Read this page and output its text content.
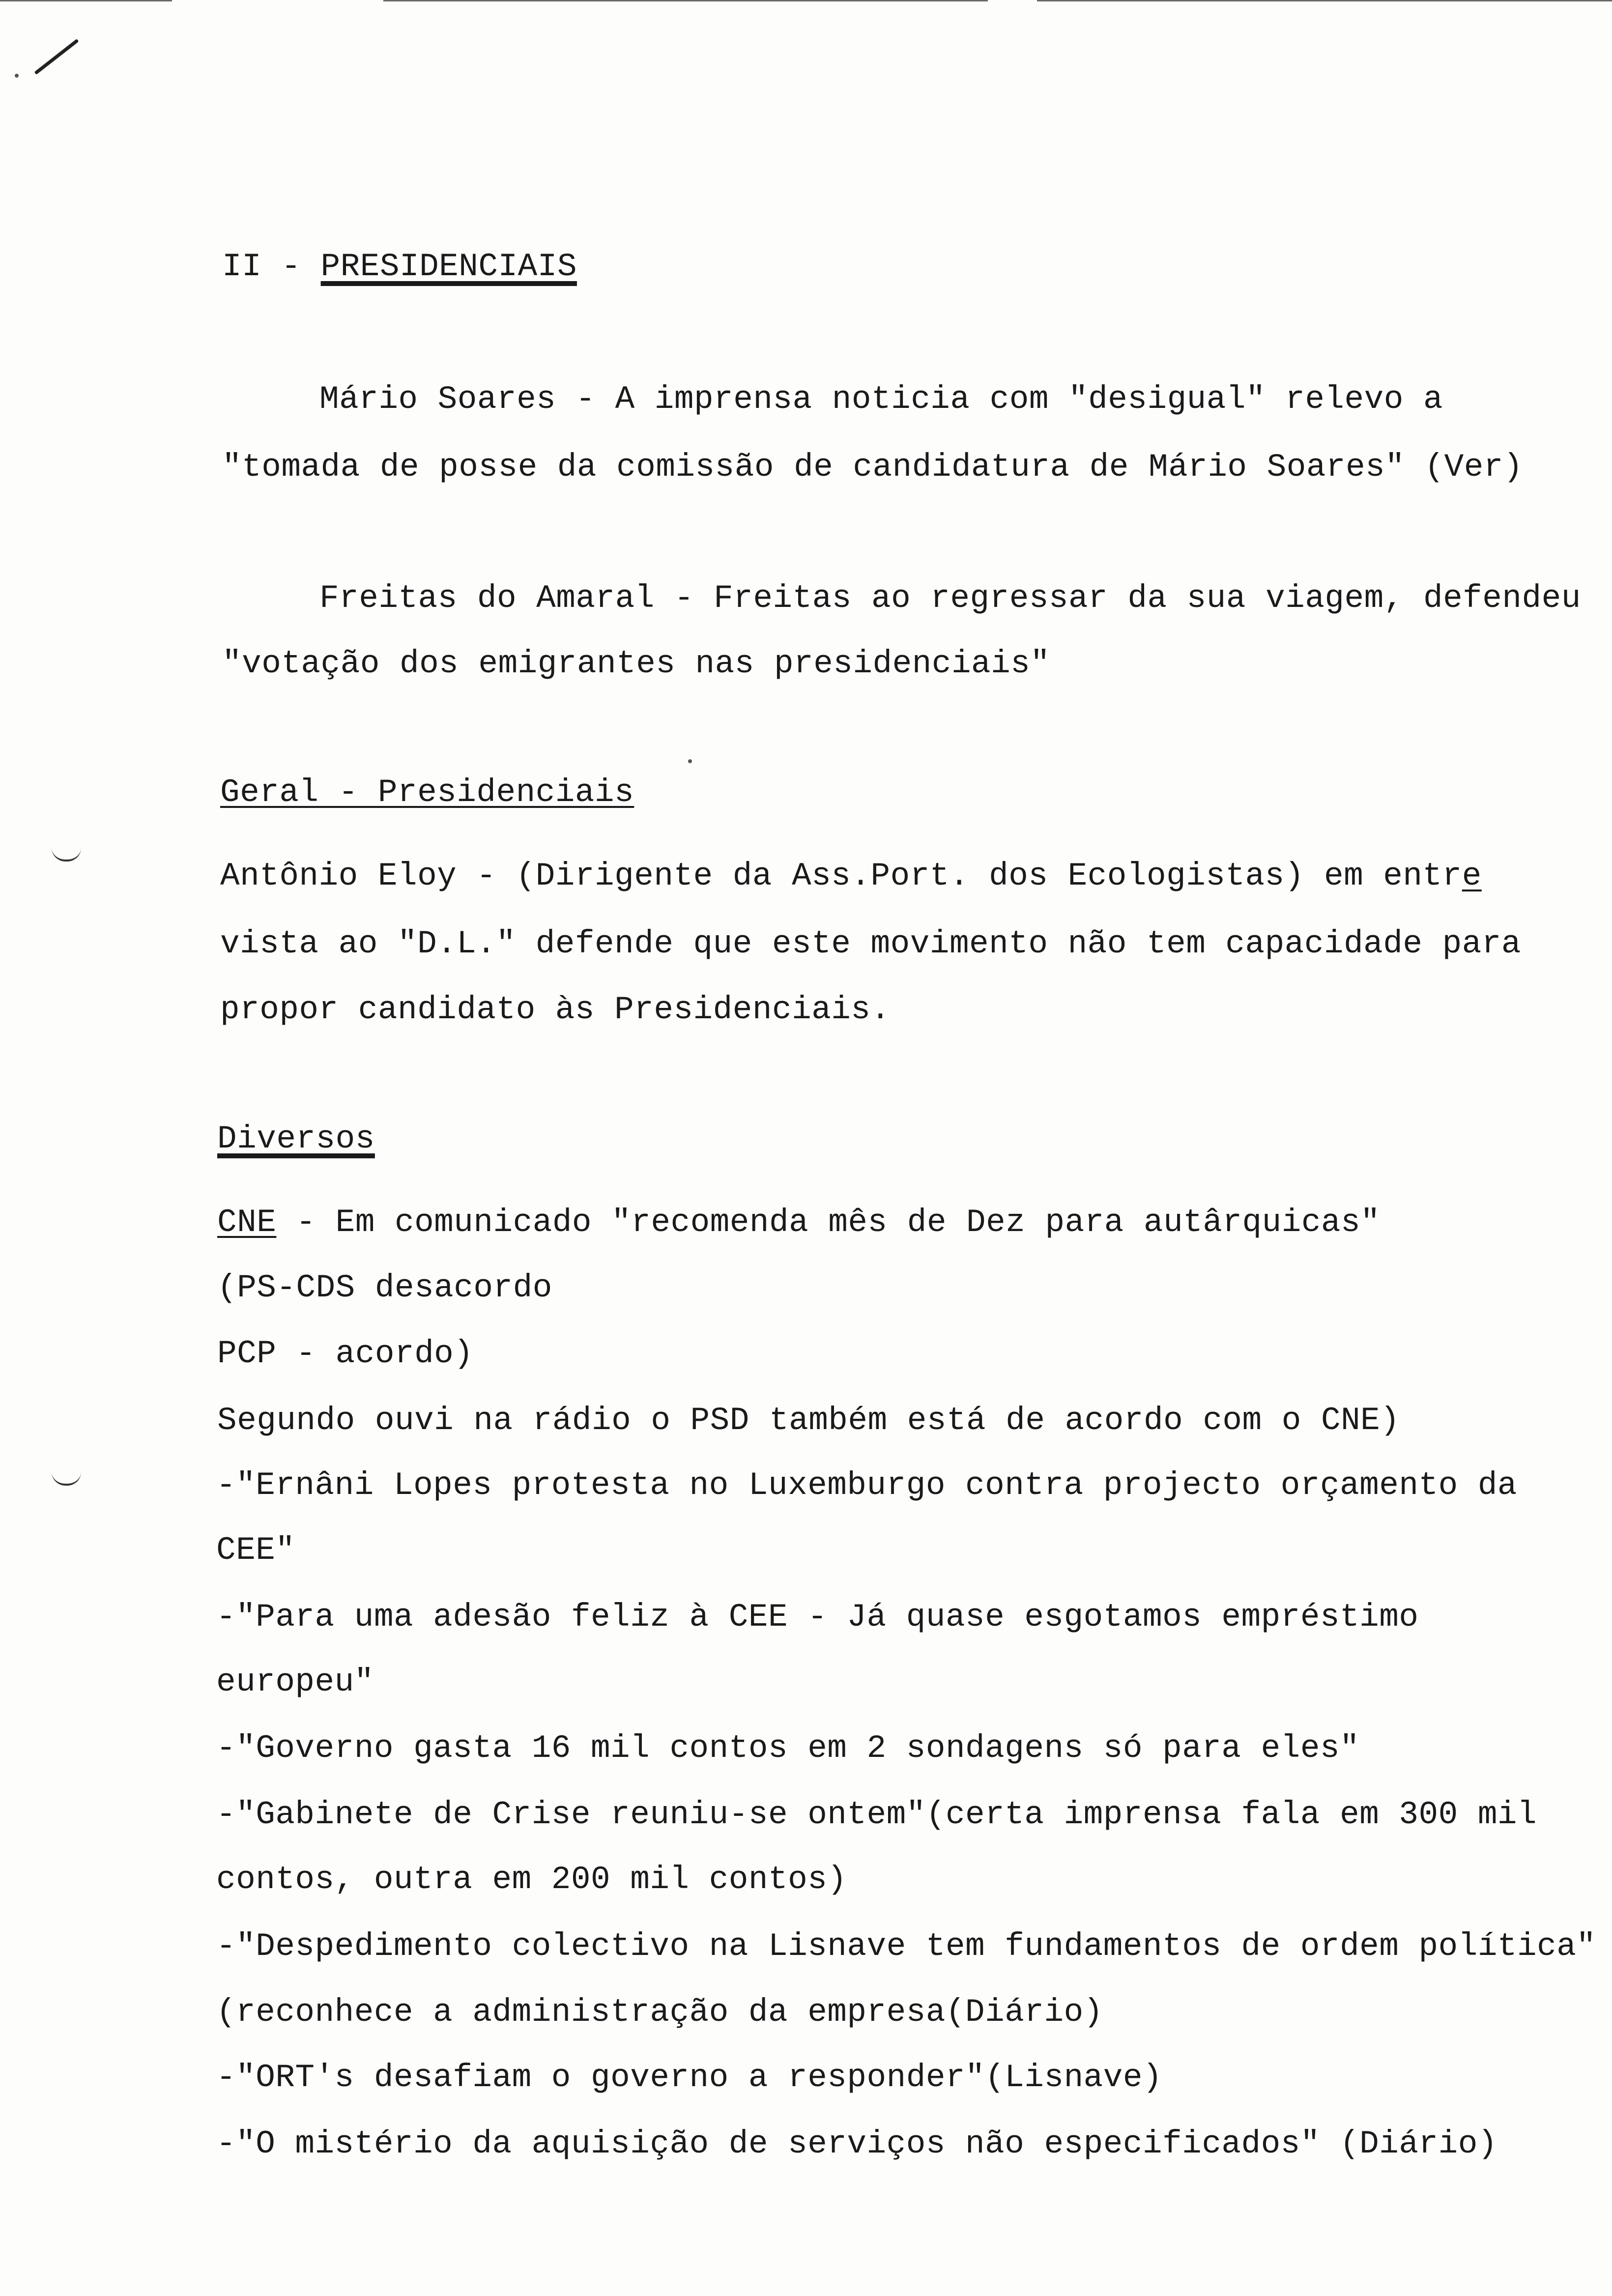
II - PRESIDENCIAIS
Mário Soares - A imprensa noticia com "desigual" relevo a
"tomada de posse da comissão de candidatura de Mário Soares" (Ver)
Freitas do Amaral - Freitas ao regressar da sua viagem, defendeu
"votação dos emigrantes nas presidenciais"
Geral - Presidenciais
Antônio Eloy - (Dirigente da Ass.Port. dos Ecologistas) em entre
vista ao "D.L." defende que este movimento não tem capacidade para
propor candidato às Presidenciais.
Diversos
CNE - Em comunicado "recomenda mês de Dez para autârquicas"
(PS-CDS desacordo
PCP - acordo)
Segundo ouvi na rádio o PSD também está de acordo com o CNE)
-"Ernâni Lopes protesta no Luxemburgo contra projecto orçamento da
CEE"
-"Para uma adesão feliz à CEE - Já quase esgotamos empréstimo
europeu"
-"Governo gasta 16 mil contos em 2 sondagens só para eles"
-"Gabinete de Crise reuniu-se ontem"(certa imprensa fala em 300 mil
contos, outra em 200 mil contos)
-"Despedimento colectivo na Lisnave tem fundamentos de ordem política"
(reconhece a administração da empresa(Diário)
-"ORT's desafiam o governo a responder"(Lisnave)
-"O mistério da aquisição de serviços não especificados" (Diário)
